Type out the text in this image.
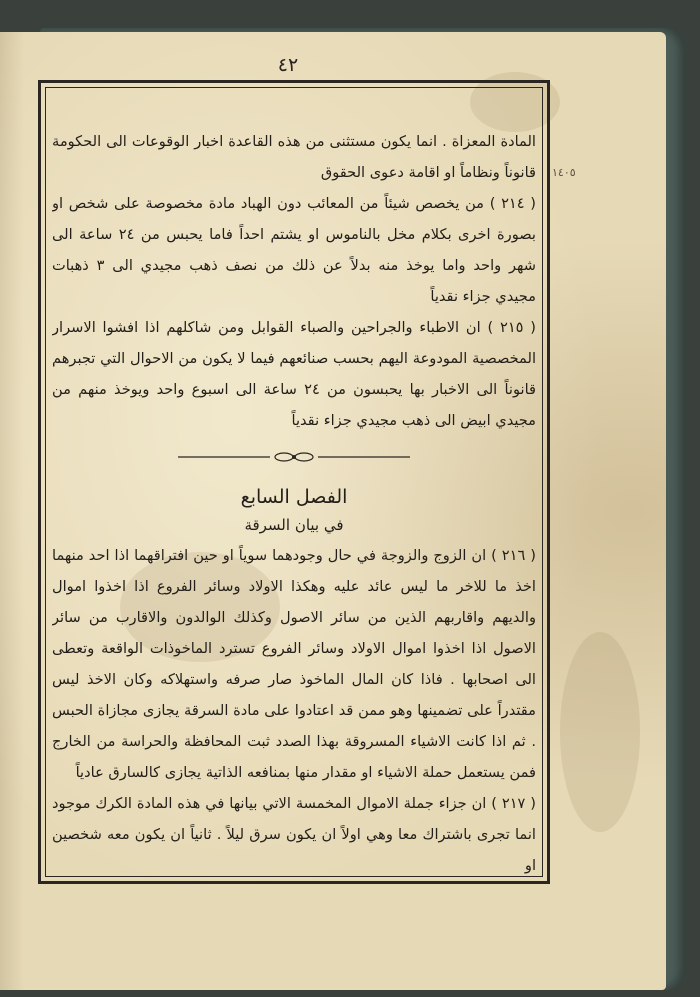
٤٢
١٤٠٥

المادة المعزاة . انما يكون مستثنى من هذه القاعدة اخبار الوقوعات الى الحكومة قانوناً ونظاماً او اقامة دعوى الحقوق

( ٢١٤ ) من يخصص شيئاً من المعائب دون الهباد مادة مخصوصة على شخص او بصورة اخرى بكلام مخل بالناموس او يشتم احداً فاما يحبس من ٢٤ ساعة الى شهر واحد واما يوخذ منه بدلاً عن ذلك من نصف ذهب مجيدي الى ٣ ذهبات مجيدي جزاء نقدياً

( ٢١٥ ) ان الاطباء والجراحين والصباء القوابل ومن شاكلهم اذا افشوا الاسرار المخصصية المودوعة اليهم بحسب صنائعهم فيما لا يكون من الاحوال التي تجبرهم قانوناً الى الاخبار بها يحبسون من ٢٤ ساعة الى اسبوع واحد ويوخذ منهم من مجيدي ابيض الى ذهب مجيدي جزاء نقدياً

الفصل السابع
في بيان السرقة

( ٢١٦ ) ان الزوج والزوجة في حال وجودهما سوياً او حين افتراقهما اذا احد منهما اخذ ما للاخر ما ليس عائد عليه وهكذا الاولاد وسائر الفروع اذا اخذوا اموال والديهم واقاربهم الذين من سائر الاصول وكذلك الوالدون والاقارب من سائر الاصول اذا اخذوا اموال الاولاد وسائر الفروع تسترد الماخوذات الواقعة وتعطى الى اصحابها . فاذا كان المال الماخوذ صار صرفه واستهلاكه وكان الاخذ ليس مقتدراً على تضمينها وهو ممن قد اعتادوا على مادة السرقة يجازى مجازاة الحبس . ثم اذا كانت الاشياء المسروقة بهذا الصدد ثبت المحافظة والحراسة من الخارج فمن يستعمل حملة الاشياء او مقدار منها بمنافعه الذاتية يجازى كالسارق عادياً

( ٢١٧ ) ان جزاء جملة الاموال المخمسة الاتي بيانها في هذه المادة الكرك موجود انما تجرى باشتراك معا وهي اولاً ان يكون سرق ليلاً . ثانياً ان يكون معه شخصين او
